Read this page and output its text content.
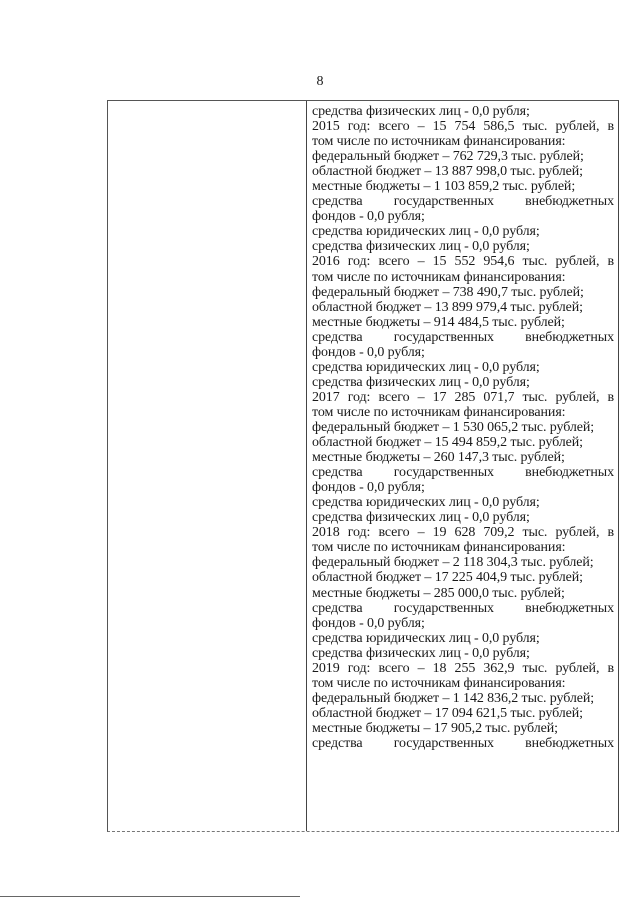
8
средства физических лиц - 0,0 рубля;
2015 год: всего – 15 754 586,5 тыс. рублей, в
том числе по источникам финансирования:
федеральный бюджет – 762 729,3 тыс. рублей;
областной бюджет – 13 887 998,0 тыс. рублей;
местные бюджеты – 1 103 859,2 тыс. рублей;
средства государственных внебюджетных
фондов - 0,0 рубля;
средства юридических лиц - 0,0 рубля;
средства физических лиц - 0,0 рубля;
2016 год: всего – 15 552 954,6 тыс. рублей, в
том числе по источникам финансирования:
федеральный бюджет – 738 490,7 тыс. рублей;
областной бюджет – 13 899 979,4 тыс. рублей;
местные бюджеты – 914 484,5 тыс. рублей;
средства государственных внебюджетных
фондов - 0,0 рубля;
средства юридических лиц - 0,0 рубля;
средства физических лиц - 0,0 рубля;
2017 год: всего – 17 285 071,7 тыс. рублей, в
том числе по источникам финансирования:
федеральный бюджет – 1 530 065,2 тыс. рублей;
областной бюджет – 15 494 859,2 тыс. рублей;
местные бюджеты – 260 147,3 тыс. рублей;
средства государственных внебюджетных
фондов - 0,0 рубля;
средства юридических лиц - 0,0 рубля;
средства физических лиц - 0,0 рубля;
2018 год: всего – 19 628 709,2 тыс. рублей, в
том числе по источникам финансирования:
федеральный бюджет – 2 118 304,3 тыс. рублей;
областной бюджет – 17 225 404,9 тыс. рублей;
местные бюджеты – 285 000,0 тыс. рублей;
средства государственных внебюджетных
фондов - 0,0 рубля;
средства юридических лиц - 0,0 рубля;
средства физических лиц - 0,0 рубля;
2019 год: всего – 18 255 362,9 тыс. рублей, в
том числе по источникам финансирования:
федеральный бюджет – 1 142 836,2 тыс. рублей;
областной бюджет – 17 094 621,5 тыс. рублей;
местные бюджеты – 17 905,2 тыс. рублей;
средства государственных внебюджетных
